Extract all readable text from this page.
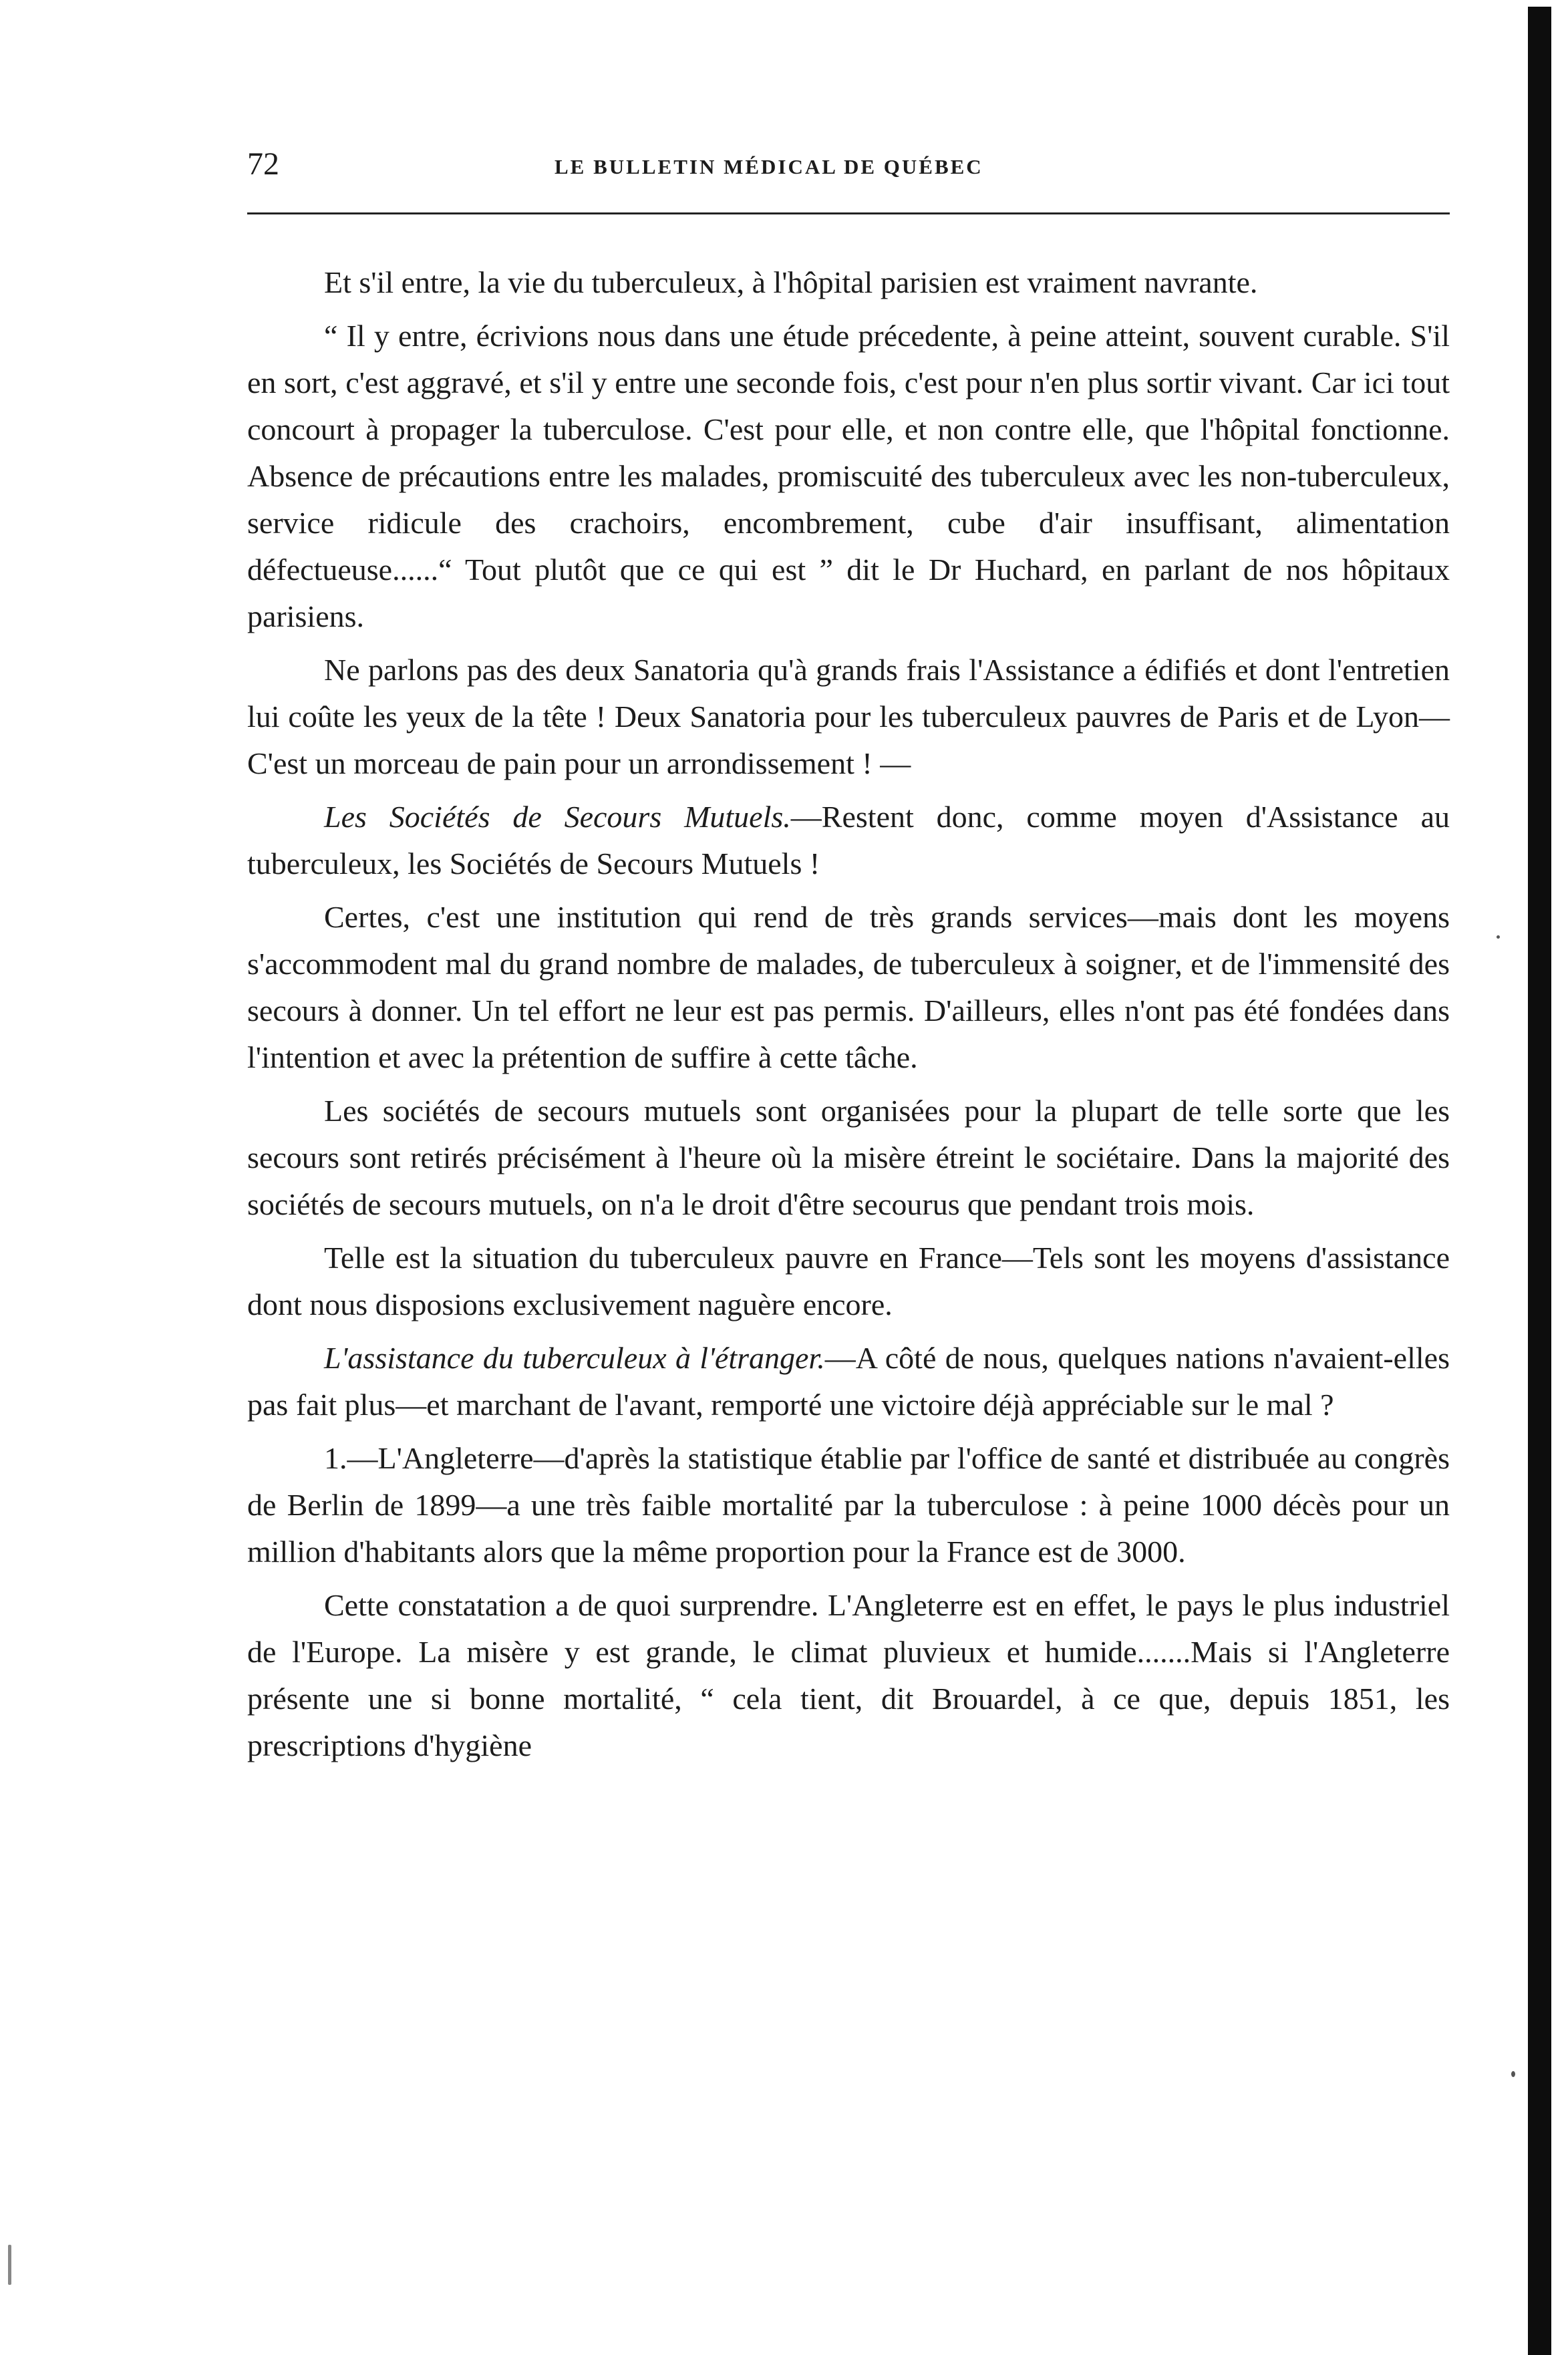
72	LE BULLETIN MÉDICAL DE QUÉBEC

Et s'il entre, la vie du tuberculeux, à l'hôpital parisien est vraiment navrante.

“ Il y entre, écrivions nous dans une étude précedente, à peine atteint, souvent curable. S'il en sort, c'est aggravé, et s'il y entre une seconde fois, c'est pour n'en plus sortir vivant. Car ici tout concourt à propager la tuberculose. C'est pour elle, et non contre elle, que l'hôpital fonctionne. Absence de précautions entre les malades, promiscuité des tuberculeux avec les non-tuberculeux, service ridicule des crachoirs, encombrement, cube d'air insuffisant, alimentation défectueuse......“ Tout plutôt que ce qui est ” dit le Dr Huchard, en parlant de nos hôpitaux parisiens.

Ne parlons pas des deux Sanatoria qu'à grands frais l'Assistance a édifiés et dont l'entretien lui coûte les yeux de la tête ! Deux Sanatoria pour les tuberculeux pauvres de Paris et de Lyon—C'est un morceau de pain pour un arrondissement ! —

Les Sociétés de Secours Mutuels.—Restent donc, comme moyen d'Assistance au tuberculeux, les Sociétés de Secours Mutuels !

Certes, c'est une institution qui rend de très grands services—mais dont les moyens s'accommodent mal du grand nombre de malades, de tuberculeux à soigner, et de l'immensité des secours à donner. Un tel effort ne leur est pas permis. D'ailleurs, elles n'ont pas été fondées dans l'intention et avec la prétention de suffire à cette tâche.

Les sociétés de secours mutuels sont organisées pour la plupart de telle sorte que les secours sont retirés précisément à l'heure où la misère étreint le sociétaire. Dans la majorité des sociétés de secours mutuels, on n'a le droit d'être secourus que pendant trois mois.

Telle est la situation du tuberculeux pauvre en France—Tels sont les moyens d'assistance dont nous disposions exclusivement naguère encore.

L'assistance du tuberculeux à l'étranger.—A côté de nous, quelques nations n'avaient-elles pas fait plus—et marchant de l'avant, remporté une victoire déjà appréciable sur le mal ?

1.—L'Angleterre—d'après la statistique établie par l'office de santé et distribuée au congrès de Berlin de 1899—a une très faible mortalité par la tuberculose : à peine 1000 décès pour un million d'habitants alors que la même proportion pour la France est de 3000.

Cette constatation a de quoi surprendre. L'Angleterre est en effet, le pays le plus industriel de l'Europe. La misère y est grande, le climat pluvieux et humide.......Mais si l'Angleterre présente une si bonne mortalité, “ cela tient, dit Brouardel, à ce que, depuis 1851, les prescriptions d'hygiène
